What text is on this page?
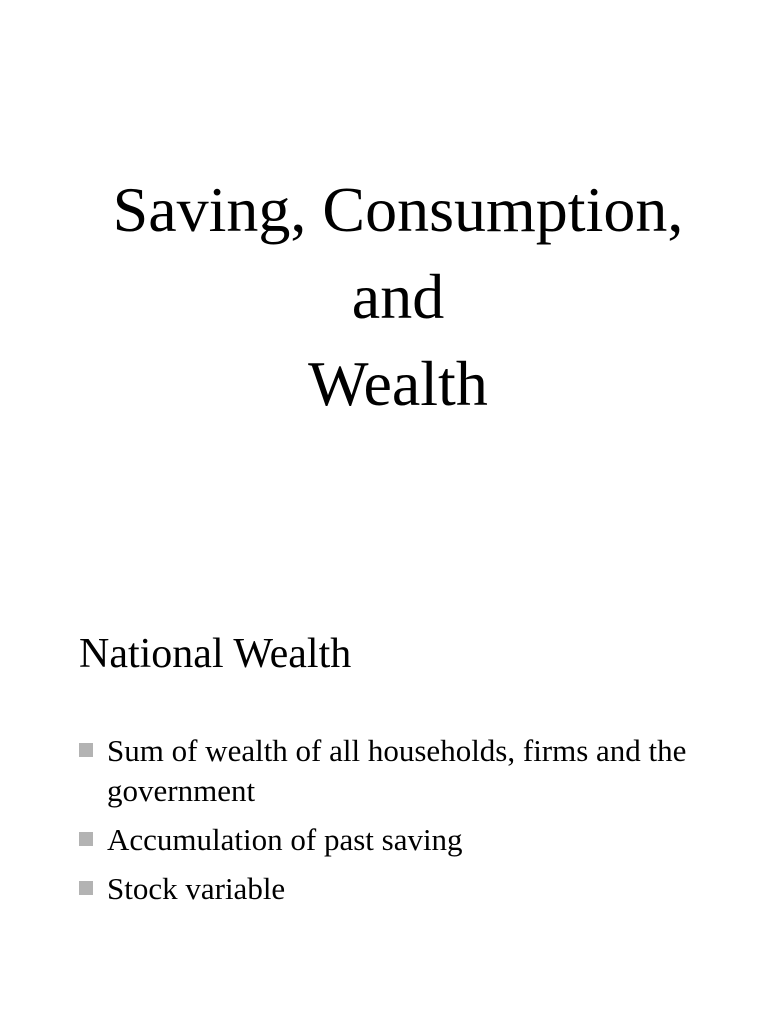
Saving, Consumption,
and
Wealth
National Wealth
Sum of wealth of all households, firms and the government
Accumulation of past saving
Stock variable
